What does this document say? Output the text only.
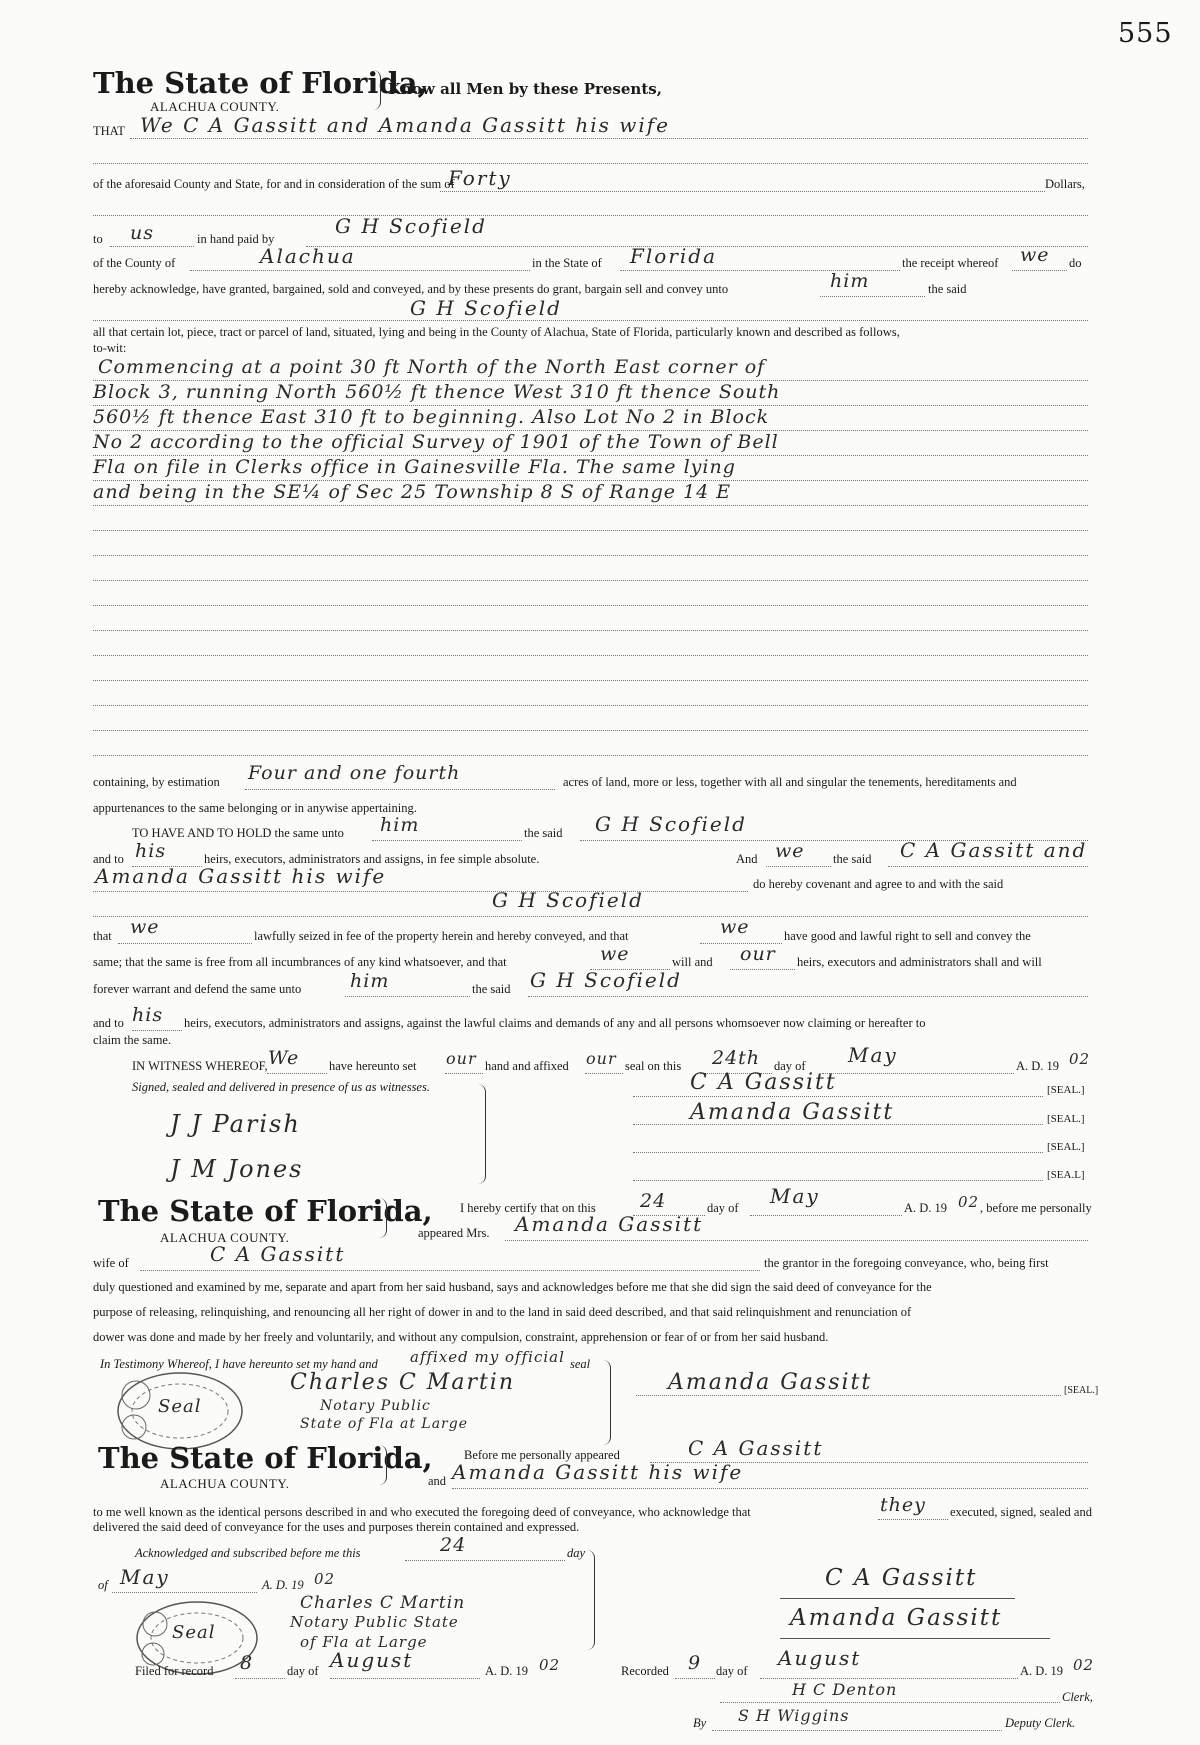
555
The State of Florida,
Know all Men by these Presents,
ALACHUA COUNTY.
THAT We C A Gassitt and Amanda Gassitt his wife
of the aforesaid County and State, for and in consideration of the sum of
Forty	Dollars,
to us	in hand paid by
G H Scofield
of the County of	Alachua	in the State of Florida	the receipt whereof we do
hereby acknowledge, have granted, bargained, sold and conveyed, and by these presents do grant, bargain sell and convey unto	him	the said
G H Scofield
all that certain lot, piece, tract or parcel of land, situated, lying and being in the County of Alachua, State of Florida, particularly known and described as follows,
to-wit:
Commencing at a point 30 ft North of the North East corner of
Block 3, running North 560½ ft thence West 310 ft thence South
560½ ft thence East 310 ft to beginning. Also Lot No 2 in Block
No 2 according to the official Survey of 1901 of the Town of Bell
Fla on file in Clerks office in Gainesville Fla. The same lying
and being in the SE¼ of Sec 25 Township 8 S of Range 14 E
containing, by estimation Four and one fourth	acres of land, more or less, together with all and singular the tenements, hereditaments and
appurtenances to the same belonging or in anywise appertaining.
TO HAVE AND TO HOLD the same unto him	the said G H Scofield
and to his	heirs, executors, administrators and assigns, in fee simple absolute.	And we the said C A Gassitt and
Amanda Gassitt his wife	do hereby covenant and agree to and with the said
G H Scofield
that we	lawfully seized in fee of the property herein and hereby conveyed, and that	we	have good and lawful right to sell and convey the
same; that the same is free from all incumbrances of any kind whatsoever, and that	we	will and our heirs, executors and administrators shall and will
forever warrant and defend the same unto	him	the said G H Scofield
and to his heirs, executors, administrators and assigns, against the lawful claims and demands of any and all persons whomsoever now claiming or hereafter to
claim the same.
IN WITNESS WHEREOF, We have hereunto set our hand and affixed our seal on this 24th day of May	A. D. 19 02
Signed, sealed and delivered in presence of us as witnesses.
J J Parish
J M Jones
C A Gassitt	[SEAL.]
Amanda Gassitt	[SEAL.]
[SEAL.]
[SEA.L]
The State of Florida,
ALACHUA COUNTY.
I hereby certify that on this 24	day of May	A. D. 19 02 , before me personally
appeared Mrs. Amanda Gassitt
wife of	C A Gassitt	the grantor in the foregoing conveyance, who, being first
duly questioned and examined by me, separate and apart from her said husband, says and acknowledges before me that she did sign the said deed of conveyance for the
purpose of releasing, relinquishing, and renouncing all her right of dower in and to the land in said deed described, and that said relinquishment and renunciation of
dower was done and made by her freely and voluntarily, and without any compulsion, constraint, apprehension or fear of or from her said husband.
In Testimony Whereof, I have hereunto set my hand and affixed my official seal
Seal
Charles C Martin
Notary Public
State of Fla at Large
Amanda Gassitt	[SEAL.]
The State of Florida,
ALACHUA COUNTY.
Before me personally appeared	C A Gassitt
and Amanda Gassitt his wife
to me well known as the identical persons described in and who executed the foregoing deed of conveyance, who acknowledge that	they executed, signed, sealed and
delivered the said deed of conveyance for the uses and purposes therein contained and expressed.
Acknowledged and subscribed before me this	24	day
of May	A. D. 19 02
Seal
Charles C Martin
Notary Public State
of Fla at Large
C A Gassitt
Amanda Gassitt
Filed for record 8	day of August	A. D. 19 02	Recorded 9 day of
August
A. D. 19 02
H C Denton	Clerk,
By S H Wiggins	Deputy Clerk.
